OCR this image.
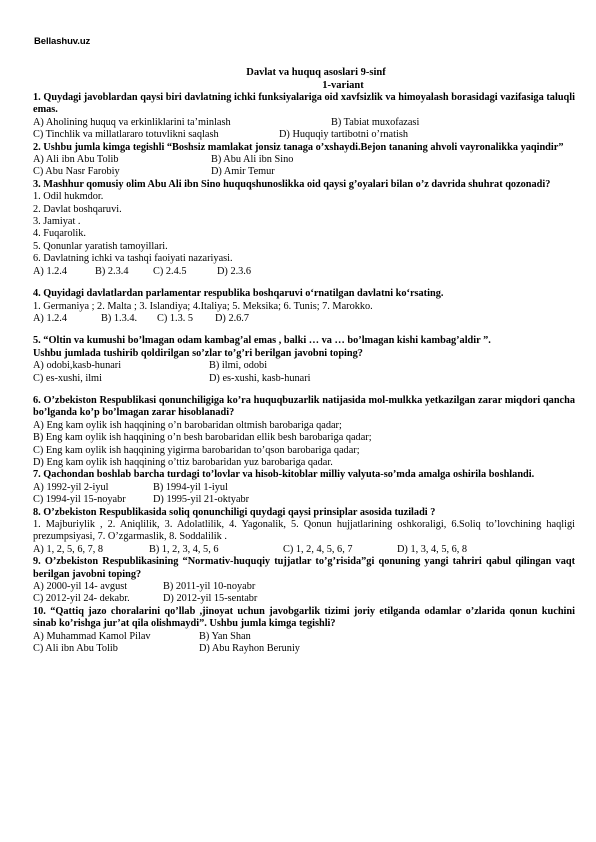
Bellashuv.uz
Davlat va huquq asoslari 9-sinf
1-variant
1. Quydagi javoblardan qaysi biri davlatning ichki funksiyalariga oid xavfsizlik va himoyalash borasidagi vazifasiga taluqli emas.
A) Aholining huquq va erkinliklarini ta’minlash	B) Tabiat muxofazasi
C) Tinchlik va millatlararo totuvlikni saqlash	D) Huquqiy tartibotni o’rnatish
2. Ushbu jumla kimga tegishli “Boshsiz mamlakat jonsiz tanaga o’xshaydi.Bejon tananing ahvoli vayronalikka yaqindir”
A) Ali ibn Abu Tolib	B) Abu Ali ibn Sino
C) Abu Nasr Farobiy	D) Amir Temur
3. Mashhur qomusiy olim Abu Ali ibn Sino huquqshunoslikka oid qaysi g’oyalari bilan o’z davrida shuhrat qozonadi?
1. Odil hukmdor.
2. Davlat boshqaruvi.
3. Jamiyat .
4. Fuqarolik.
5. Qonunlar yaratish tamoyillari.
6. Davlatning ichki va tashqi faoiyati nazariyasi.
A) 1.2.4	B) 2.3.4	C) 2.4.5	D) 2.3.6
4. Quyidagi davlatlardan parlamentar respublika boshqaruvi o‘rnatilgan davlatni ko‘rsating.
1. Germaniya ; 2. Malta ; 3. Islandiya; 4.Italiya; 5. Meksika; 6. Tunis; 7. Marokko.
A) 1.2.4	B) 1.3.4.	C) 1.3. 5	D) 2.6.7
5. “Oltin va kumushi bo’lmagan odam kambag’al emas , balki … va … bo’lmagan kishi kambag’aldir ”.
Ushbu jumlada tushirib qoldirilgan so’zlar to’g’ri berilgan javobni toping?
A) odobi,kasb-hunari	B) ilmi, odobi
C) es-xushi, ilmi	D) es-xushi, kasb-hunari
6. O’zbekiston Respublikasi qonunchiligiga ko’ra huquqbuzarlik natijasida mol-mulkka yetkazilgan zarar miqdori qancha bo’lganda ko’p bo’lmagan zarar hisoblanadi?
A) Eng kam oylik ish haqqining o’n barobaridan oltmish barobariga qadar;
B) Eng kam oylik ish haqqining o’n besh barobaridan ellik besh barobariga qadar;
C) Eng kam oylik ish haqqining yigirma barobaridan to’qson barobariga qadar;
D) Eng kam oylik ish haqqining o’ttiz barobaridan yuz barobariga qadar.
7. Qachondan boshlab barcha turdagi to’lovlar va hisob-kitoblar milliy valyuta-so’mda amalga oshirila boshlandi.
A) 1992-yil 2-iyul	B) 1994-yil 1-iyul
C) 1994-yil 15-noyabr	D) 1995-yil 21-oktyabr
8. O’zbekiston Respublikasida soliq qonunchiligi quydagi qaysi prinsiplar asosida tuziladi ?
1. Majburiylik , 2. Aniqlilik, 3. Adolatlilik, 4. Yagonalik, 5. Qonun hujjatlarining oshkoraligi, 6.Soliq to’lovchining haqligi prezumpsiyasi, 7. O’zgarmaslik, 8. Soddalilik .
A) 1, 2, 5, 6, 7, 8	B) 1, 2, 3, 4, 5, 6	C) 1, 2, 4, 5, 6, 7	D) 1, 3, 4, 5, 6, 8
9. O’zbekiston Respublikasining “Normativ-huquqiy tujjatlar to’g’risida”gi qonuning yangi tahriri qabul qilingan vaqt berilgan javobni toping?
A) 2000-yil 14- avgust	B) 2011-yil 10-noyabr
C) 2012-yil 24- dekabr.	D) 2012-yil 15-sentabr
10. “Qattiq jazo choralarini qo’llab ,jinoyat uchun javobgarlik tizimi joriy etilganda odamlar o’zlarida qonun kuchini sinab ko’rishga jur’at qila olishmaydi”. Ushbu jumla kimga tegishli?
A) Muhammad Kamol Pilav	B) Yan Shan
C) Ali ibn Abu Tolib	D) Abu Rayhon Beruniy
